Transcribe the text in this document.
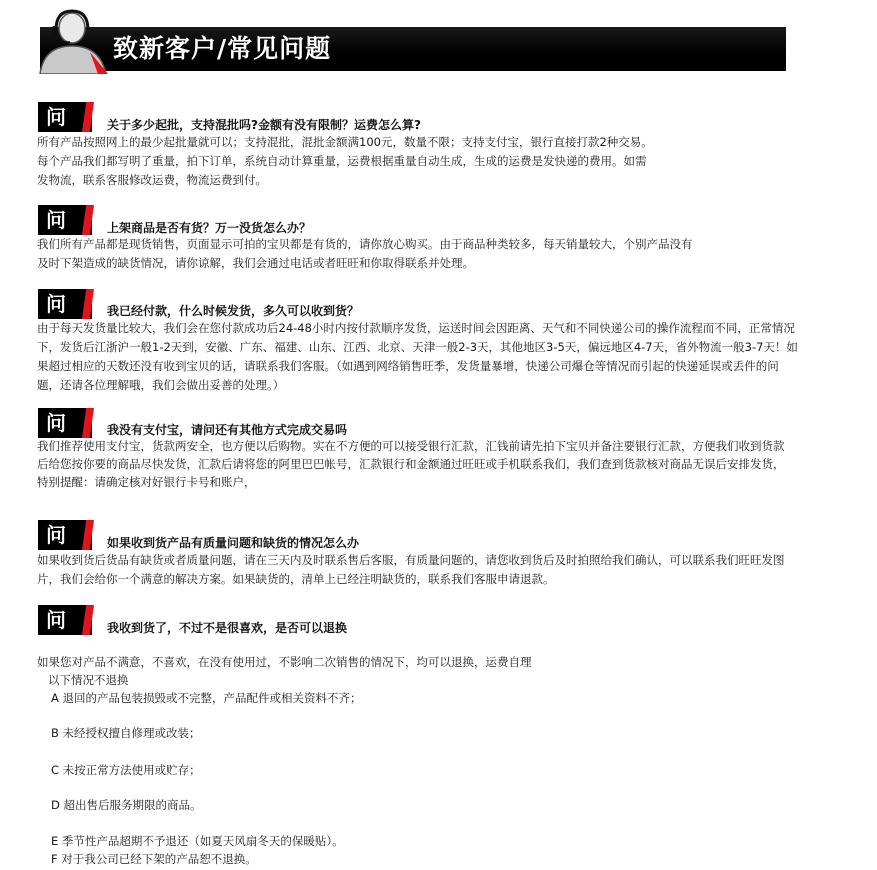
致新客户/常见问题
问	关于多少起批，支持混批吗?金额有没有限制？运费怎么算?
所有产品按照网上的最少起批量就可以；支持混批，混批金额满100元，数量不限；支持支付宝，银行直接打款2种交易。
每个产品我们都写明了重量，拍下订单，系统自动计算重量，运费根据重量自动生成，生成的运费是发快递的费用。如需
发物流，联系客服修改运费，物流运费到付。
问	上架商品是否有货？万一没货怎么办？
我们所有产品都是现货销售，页面显示可拍的宝贝都是有货的，请你放心购买。由于商品种类较多，每天销量较大，个别产品没有
及时下架造成的缺货情况，请你谅解，我们会通过电话或者旺旺和你取得联系并处理。
问	我已经付款，什么时候发货，多久可以收到货？
由于每天发货量比较大，我们会在您付款成功后24-48小时内按付款顺序发货，运送时间会因距离、天气和不同快递公司的操作流程而不同，正常情况
下，发货后江浙沪一般1-2天到，安徽、广东、福建、山东、江西、北京、天津一般2-3天，其他地区3-5天，偏远地区4-7天，省外物流一般3-7天！如
果超过相应的天数还没有收到宝贝的话，请联系我们客服。（如遇到网络销售旺季，发货量暴增，快递公司爆仓等情况而引起的快递延误或丢件的问
题，还请各位理解哦，我们会做出妥善的处理。）
问	我没有支付宝，请问还有其他方式完成交易吗
我们推荐使用支付宝，货款两安全，也方便以后购物。实在不方便的可以接受银行汇款，汇钱前请先拍下宝贝并备注要银行汇款，方便我们收到货款
后给您按你要的商品尽快发货，汇款后请将您的阿里巴巴帐号，汇款银行和金额通过旺旺或手机联系我们，我们查到货款核对商品无误后安排发货，
特别提醒：请确定核对好银行卡号和账户，
问	如果收到货产品有质量问题和缺货的情况怎么办
如果收到货后货品有缺货或者质量问题，请在三天内及时联系售后客服，有质量问题的，请您收到货后及时拍照给我们确认，可以联系我们旺旺发图
片，我们会给你一个满意的解决方案。如果缺货的，清单上已经注明缺货的，联系我们客服申请退款。
问	我收到货了，不过不是很喜欢，是否可以退换
如果您对产品不满意，不喜欢，在没有使用过，不影响二次销售的情况下，均可以退换，运费自理
以下情况不退换
A 退回的产品包装损毁或不完整，产品配件或相关资料不齐；
B 未经授权擅自修理或改装；
C 未按正常方法使用或贮存；
D 超出售后服务期限的商品。
E 季节性产品超期不予退还（如夏天风扇冬天的保暖贴）。
F 对于我公司已经下架的产品恕不退换。
